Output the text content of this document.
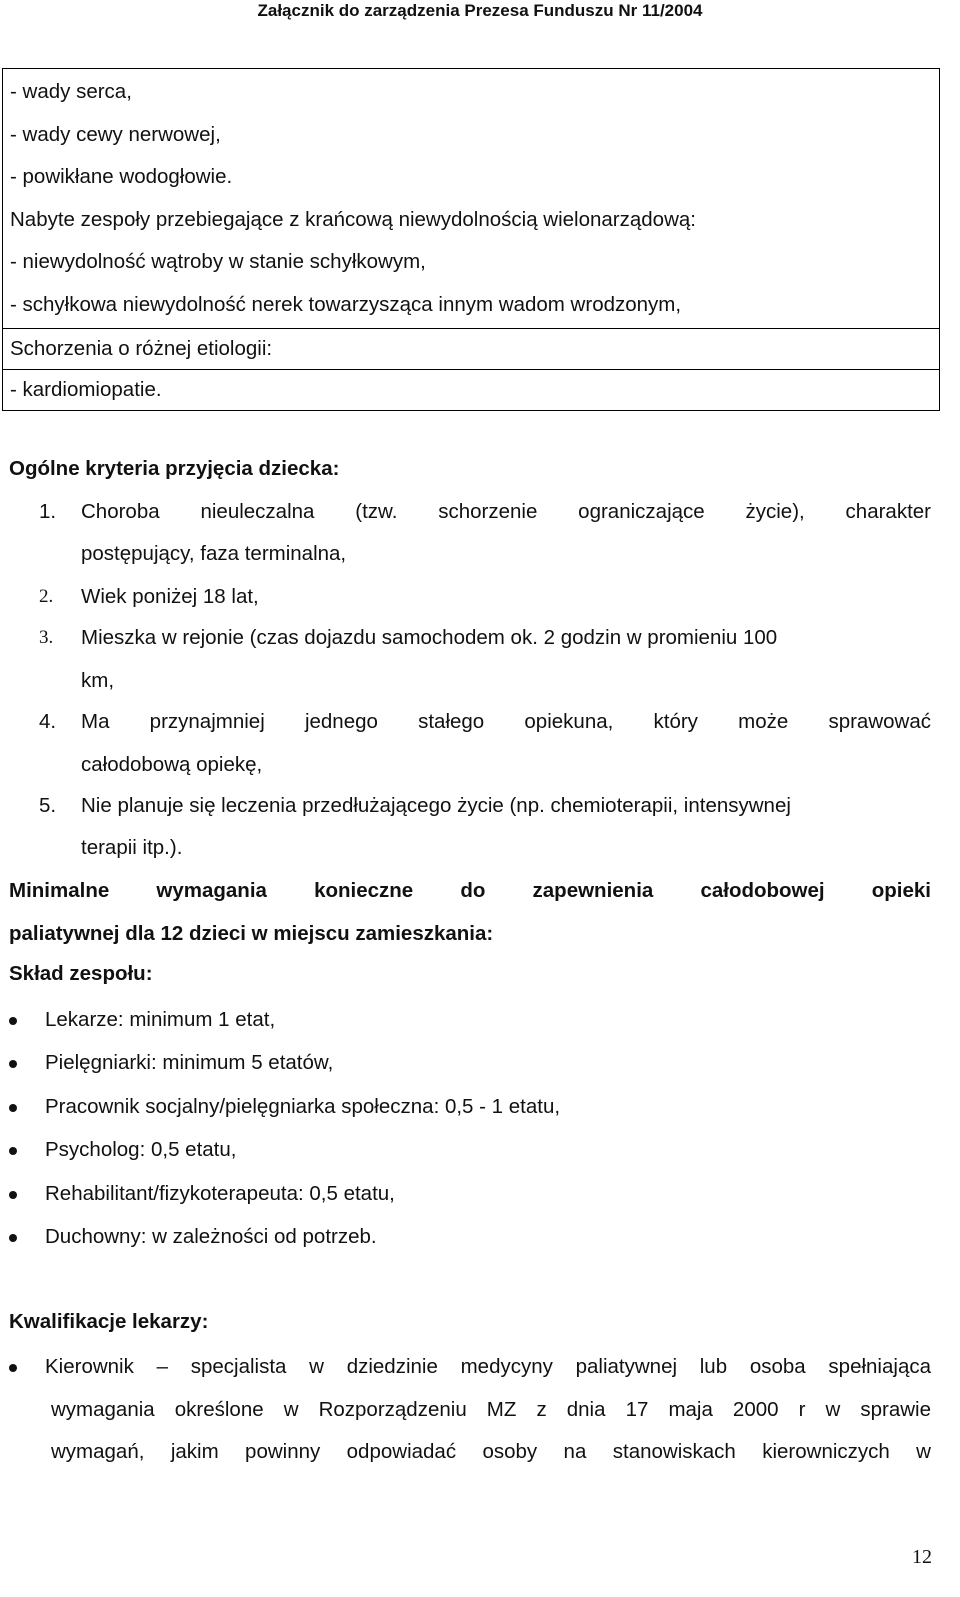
Załącznik do zarządzenia Prezesa Funduszu Nr 11/2004
- wady serca,
- wady cewy nerwowej,
- powikłane wodogłowie.
Nabyte zespoły przebiegające z krańcową niewydolnością wielonarządową:
- niewydolność wątroby w stanie schyłkowym,
- schyłkowa niewydolność nerek towarzysząca innym wadom wrodzonym,

Schorzenia o różnej etiologii:
- kardiomiopatie.
Ogólne kryteria przyjęcia dziecka:
1. Choroba nieuleczalna (tzw. schorzenie ograniczające życie), charakter
postępujący, faza terminalna,
2. Wiek poniżej 18 lat,
3. Mieszka w rejonie (czas dojazdu samochodem ok. 2 godzin w promieniu 100
km,
4. Ma przynajmniej jednego stałego opiekuna, który może sprawować
całodobową opiekę,
5. Nie planuje się leczenia przedłużającego życie (np. chemioterapii, intensywnej
terapii itp.).
Minimalne wymagania konieczne do zapewnienia całodobowej opieki
paliatywnej dla 12 dzieci w miejscu zamieszkania:
Skład zespołu:
Lekarze: minimum 1 etat,
Pielęgniarki: minimum 5 etatów,
Pracownik socjalny/pielęgniarka społeczna: 0,5 - 1 etatu,
Psycholog: 0,5 etatu,
Rehabilitant/fizykoterapeuta: 0,5 etatu,
Duchowny: w zależności od potrzeb.
Kwalifikacje lekarzy:
Kierownik – specjalista w dziedzinie medycyny paliatywnej lub osoba spełniająca
wymagania określone w Rozporządzeniu MZ z dnia 17 maja 2000 r w sprawie
wymagań, jakim powinny odpowiadać osoby na stanowiskach kierowniczych w
12
